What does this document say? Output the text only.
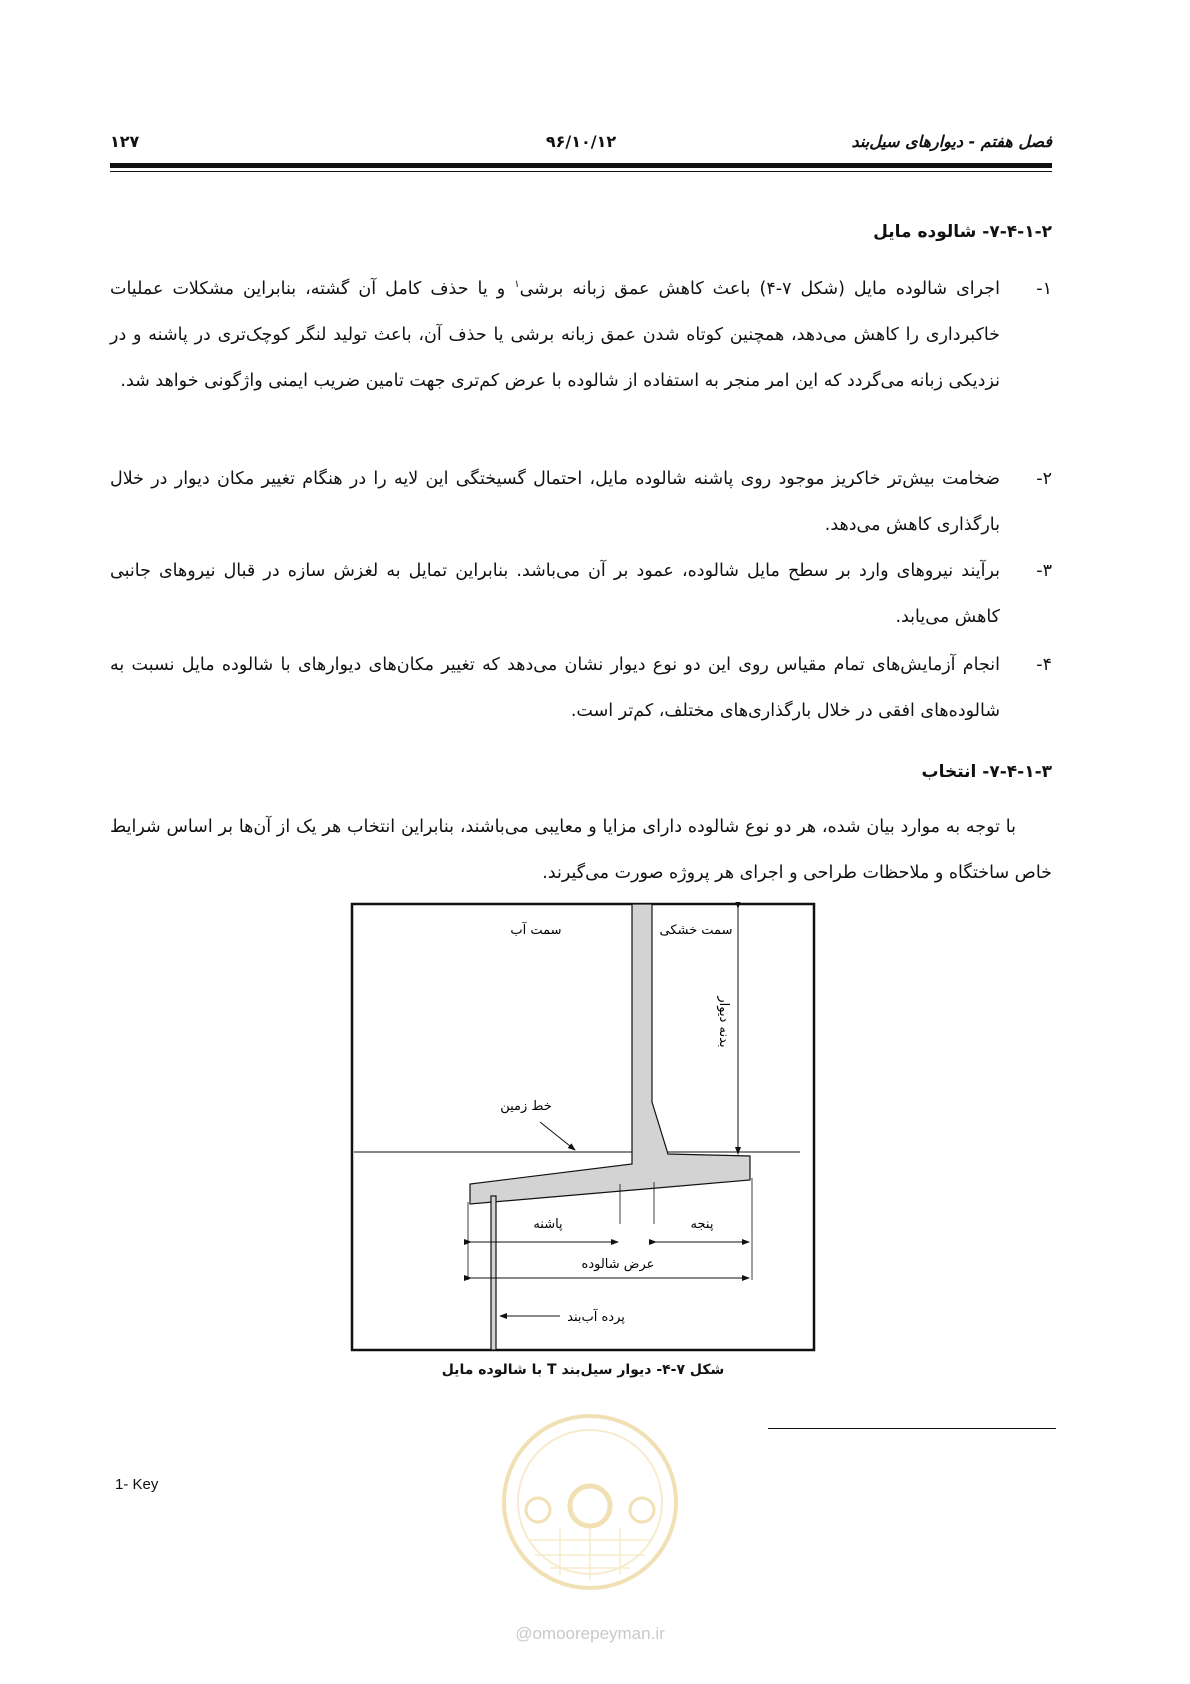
فصل هفتم - دیوارهای سیل‌بند
۹۶/۱۰/۱۲
۱۲۷
۷-۴-۱-۲- شالوده مایل
۱-
اجرای شالوده مایل (شکل ۷-۴) باعث کاهش عمق زبانه برشی$^۱$ و یا حذف کامل آن گشته، بنابراین مشکلات عملیات خاکبرداری را کاهش می‌دهد، همچنین کوتاه شدن عمق زبانه برشی یا حذف آن، باعث تولید لنگر کوچک‌تری در پاشنه و در نزدیکی زبانه می‌گردد که این امر منجر به استفاده از شالوده با عرض کم‌تری جهت تامین ضریب ایمنی واژگونی خواهد شد.
۲-
ضخامت بیش‌تر خاکریز موجود روی پاشنه شالوده مایل، احتمال گسیختگی این لایه را در هنگام تغییر مکان دیوار در خلال بارگذاری کاهش می‌دهد.
۳-
برآیند نیروهای وارد بر سطح مایل شالوده، عمود بر آن می‌باشد. بنابراین تمایل به لغزش سازه در قبال نیروهای جانبی کاهش می‌یابد.
۴-
انجام آزمایش‌های تمام مقیاس روی این دو نوع دیوار نشان می‌دهد که تغییر مکان‌های دیوارهای با شالوده مایل نسبت به شالوده‌های افقی در خلال بارگذاری‌های مختلف، کم‌تر است.
۷-۴-۱-۳- انتخاب
با توجه به موارد بیان شده، هر دو نوع شالوده دارای مزایا و معایبی می‌باشند، بنابراین انتخاب هر یک از آن‌ها بر اساس شرایط خاص ساختگاه و ملاحظات طراحی و اجرای هر پروژه صورت می‌گیرند.
بدنه دیوار
سمت آب	سمت خشکی
خط زمین
پاشنه	پنجه
عرض شالوده
پرده آب‌بند
شکل ۷-۴- دیوار سیل‌بند T با شالوده مایل
1- Key
@omoorepeyman.ir
